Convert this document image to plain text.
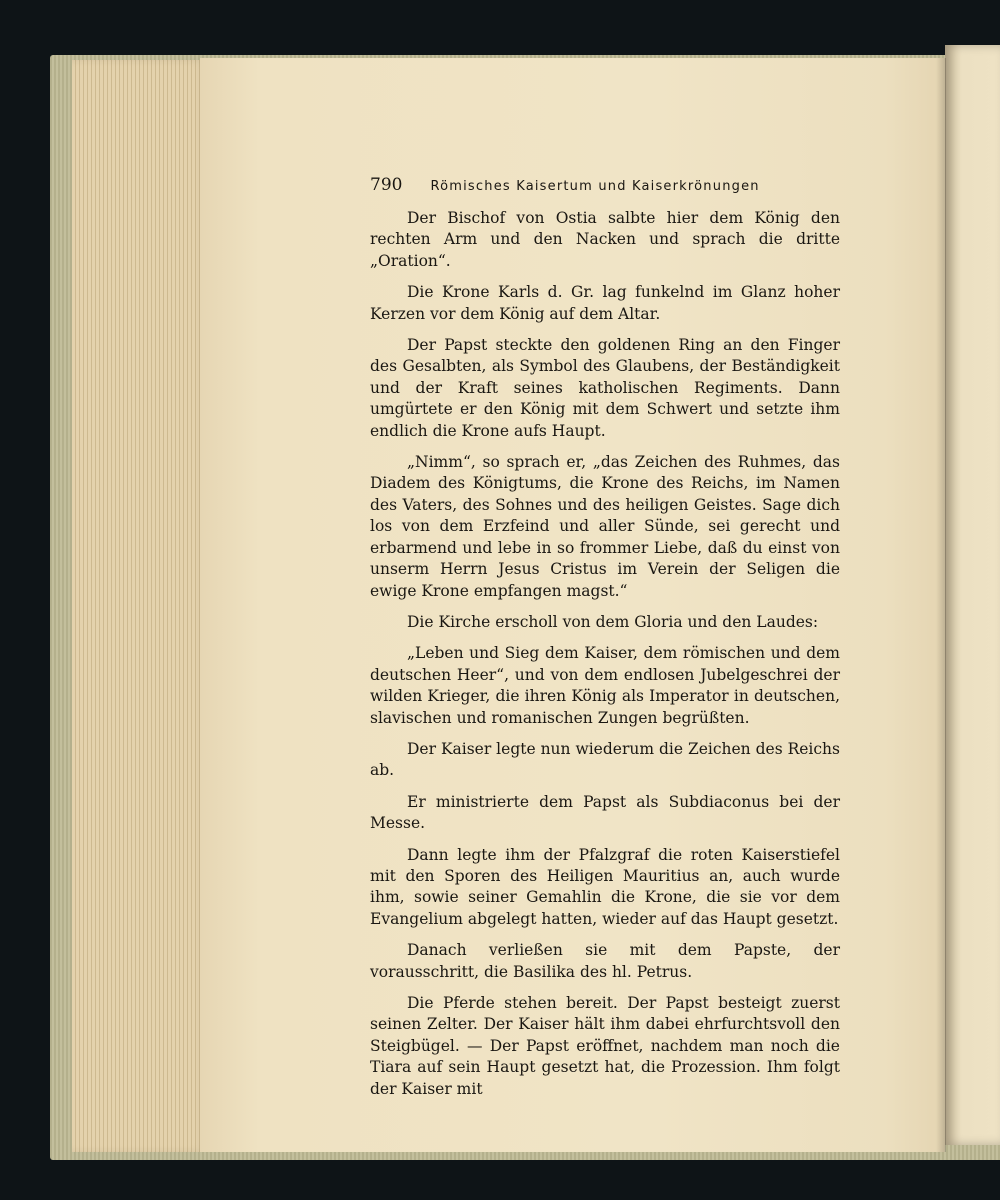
790 Römisches Kaisertum und Kaiserkrönungen

Der Bischof von Ostia salbte hier dem König den rechten Arm und den Nacken und sprach die dritte „Oration“.

Die Krone Karls d. Gr. lag funkelnd im Glanz hoher Kerzen vor dem König auf dem Altar.

Der Papst steckte den goldenen Ring an den Finger des Gesalbten, als Symbol des Glaubens, der Beständigkeit und der Kraft seines katholischen Regiments. Dann umgürtete er den König mit dem Schwert und setzte ihm endlich die Krone aufs Haupt.

„Nimm“, so sprach er, „das Zeichen des Ruhmes, das Diadem des Königtums, die Krone des Reichs, im Namen des Vaters, des Sohnes und des heiligen Geistes. Sage dich los von dem Erzfeind und aller Sünde, sei gerecht und erbarmend und lebe in so frommer Liebe, daß du einst von unserm Herrn Jesus Cristus im Verein der Seligen die ewige Krone empfangen magst.“

Die Kirche erscholl von dem Gloria und den Laudes:

„Leben und Sieg dem Kaiser, dem römischen und dem deutschen Heer“, und von dem endlosen Jubelgeschrei der wilden Krieger, die ihren König als Imperator in deutschen, slavischen und romanischen Zungen begrüßten.

Der Kaiser legte nun wiederum die Zeichen des Reichs ab.

Er ministrierte dem Papst als Subdiaconus bei der Messe.

Dann legte ihm der Pfalzgraf die roten Kaiserstiefel mit den Sporen des Heiligen Mauritius an, auch wurde ihm, sowie seiner Gemahlin die Krone, die sie vor dem Evangelium abgelegt hatten, wieder auf das Haupt gesetzt.

Danach verließen sie mit dem Papste, der vorausschritt, die Basilika des hl. Petrus.

Die Pferde stehen bereit. Der Papst besteigt zuerst seinen Zelter. Der Kaiser hält ihm dabei ehrfurchtsvoll den Steigbügel. — Der Papst eröffnet, nachdem man noch die Tiara auf sein Haupt gesetzt hat, die Prozession. Ihm folgt der Kaiser mit
